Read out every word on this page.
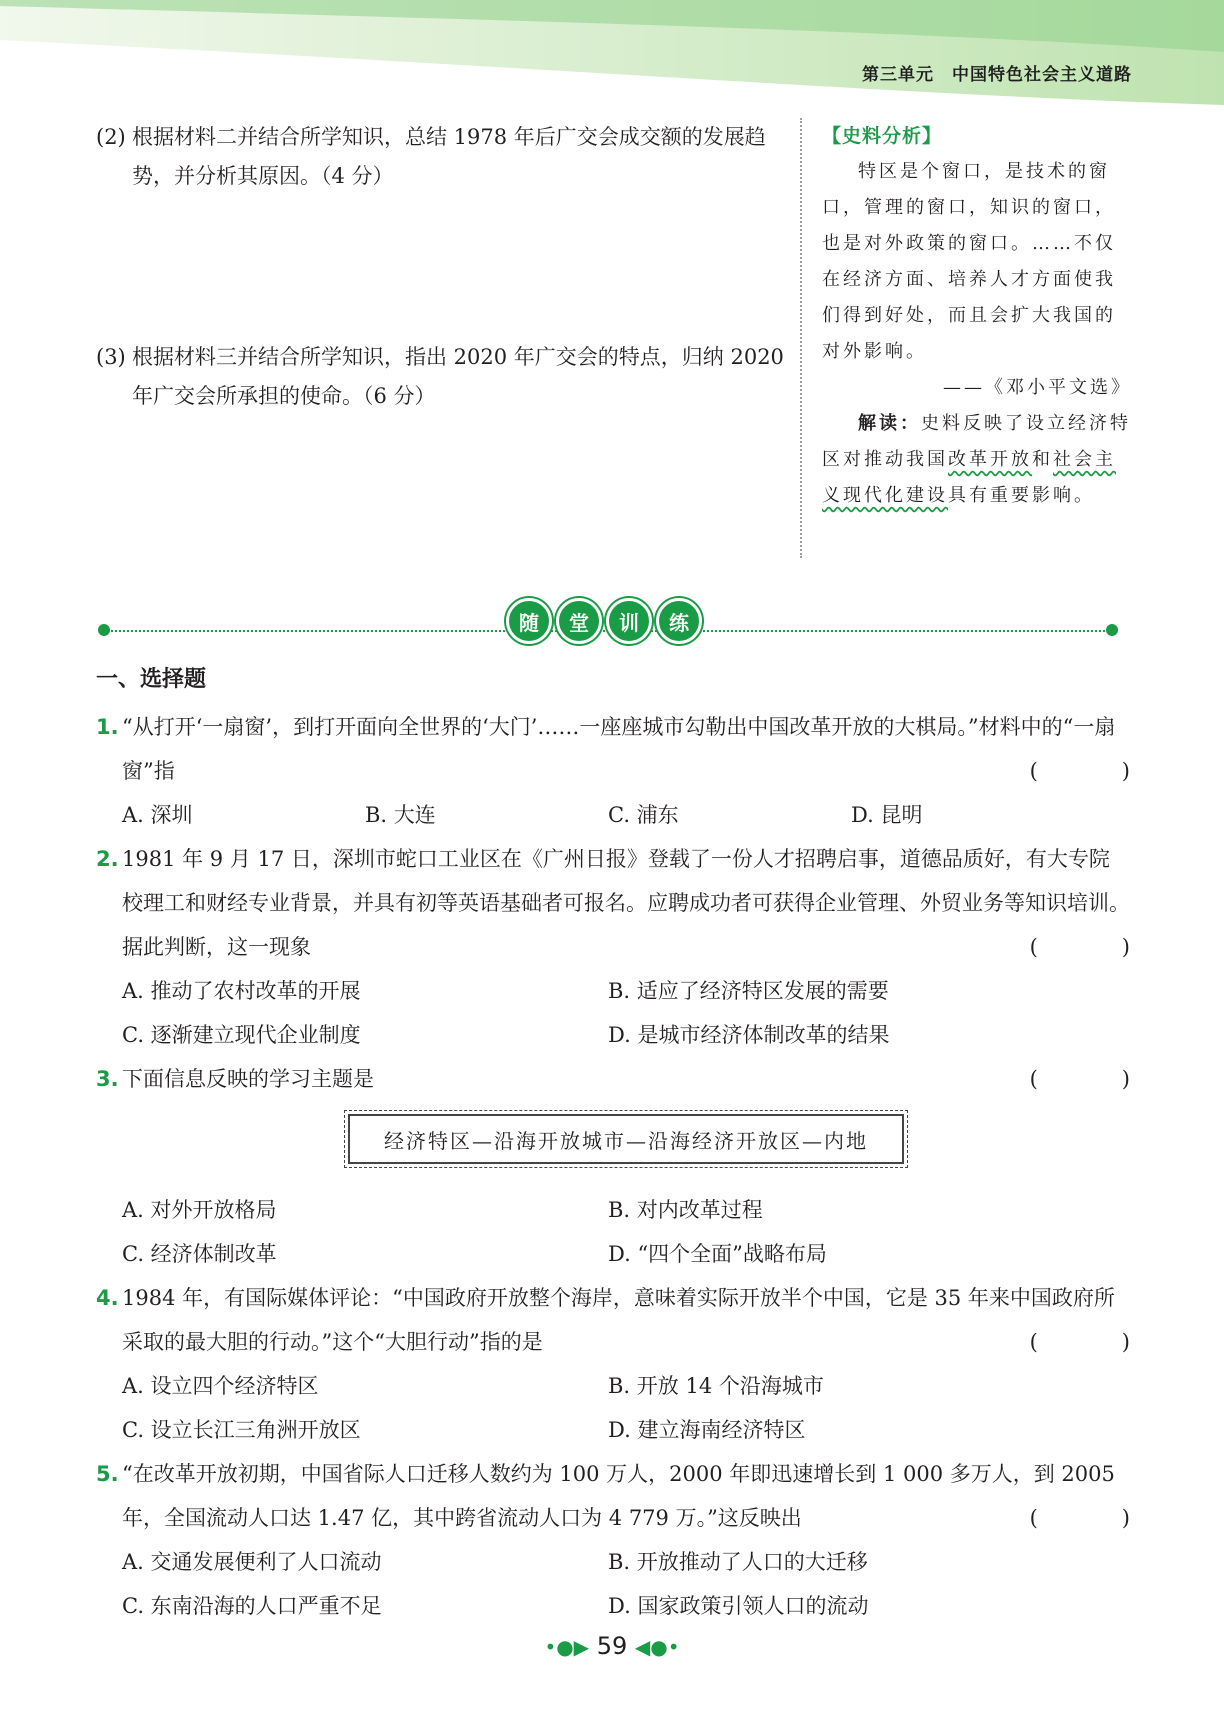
第三单元 中国特色社会主义道路
(2) 根据材料二并结合所学知识，总结 1978 年后广交会成交额的发展趋势，并分析其原因。（4 分）
(3) 根据材料三并结合所学知识，指出 2020 年广交会的特点，归纳 2020 年广交会所承担的使命。（6 分）
【史料分析】
特区是个窗口，是技术的窗口，管理的窗口，知识的窗口，也是对外政策的窗口。……不仅在经济方面、培养人才方面使我们得到好处，而且会扩大我国的对外影响。
——《邓小平文选》
解读：史料反映了设立经济特区对推动我国改革开放和社会主义现代化建设具有重要影响。
随	堂	训	练
一、选择题
1. “从打开‘一扇窗’，到打开面向全世界的‘大门’……一座座城市勾勒出中国改革开放的大棋局。”材料中的“一扇窗”指	(　　　　)
A. 深圳	B. 大连	C. 浦东	D. 昆明
2. 1981 年 9 月 17 日，深圳市蛇口工业区在《广州日报》登载了一份人才招聘启事，道德品质好，有大专院校理工和财经专业背景，并具有初等英语基础者可报名。应聘成功者可获得企业管理、外贸业务等知识培训。据此判断，这一现象	(　　　　)
A. 推动了农村改革的开展	B. 适应了经济特区发展的需要
C. 逐渐建立现代企业制度	D. 是城市经济体制改革的结果
3. 下面信息反映的学习主题是	(　　　　)
经济特区—沿海开放城市—沿海经济开放区—内地
A. 对外开放格局	B. 对内改革过程
C. 经济体制改革	D. “四个全面”战略布局
4. 1984 年，有国际媒体评论：“中国政府开放整个海岸，意味着实际开放半个中国，它是 35 年来中国政府所采取的最大胆的行动。”这个“大胆行动”指的是	(　　　　)
A. 设立四个经济特区	B. 开放 14 个沿海城市
C. 设立长江三角洲开放区	D. 建立海南经济特区
5. “在改革开放初期，中国省际人口迁移人数约为 100 万人，2000 年即迅速增长到 1 000 多万人，到 2005 年，全国流动人口达 1.47 亿，其中跨省流动人口为 4 779 万。”这反映出	(　　　　)
A. 交通发展便利了人口流动	B. 开放推动了人口的大迁移
C. 东南沿海的人口严重不足	D. 国家政策引领人口的流动
•●▶ 59 ◀●•
